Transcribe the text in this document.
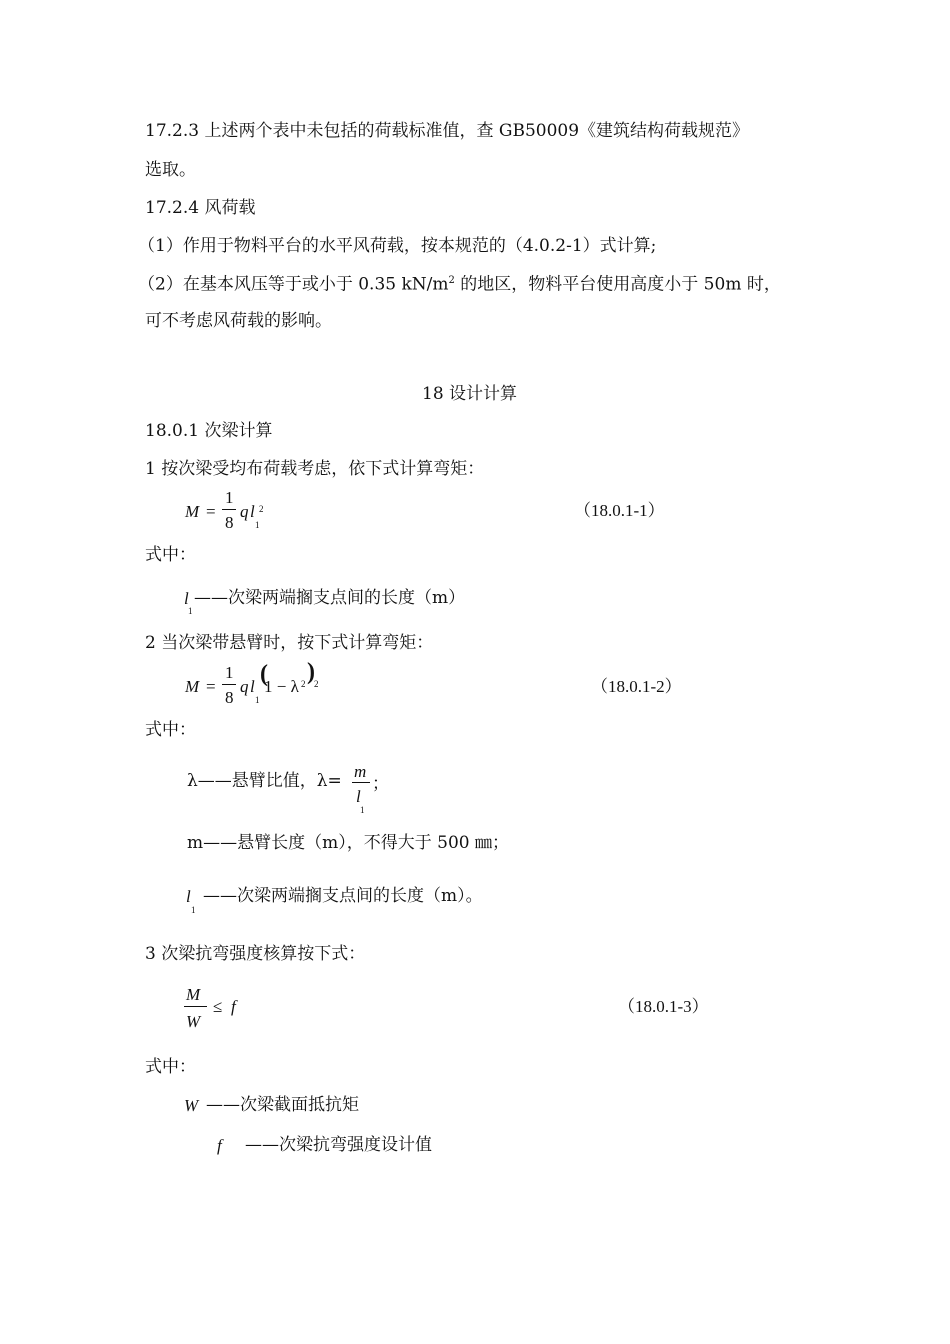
17.2.3 上述两个表中未包括的荷载标准值，查 GB50009《建筑结构荷载规范》
选取。
17.2.4 风荷载
（1）作用于物料平台的水平风荷载，按本规范的（4.0.2-1）式计算;
（2）在基本风压等于或小于 0.35 $kN/m^2$ 的地区，物料平台使用高度小于 50m 时，
可不考虑风荷载的影响。
18 设计计算
18.0.1 次梁计算
1 按次梁受均布荷载考虑，依下式计算弯矩：
M =
1
8
q l
1
2	（18.0.1-1）
式中：
l
1
——次梁两端搁支点间的长度（m）
2 当次梁带悬臂时，按下式计算弯矩：
M =
1
8
q l
1
(
1 − λ 2 ) 2	（18.0.1-2）
式中：
λ——悬臂比值，λ= m
l
1
；
m——悬臂长度（m），不得大于 500 ㎜；
l
1
——次梁两端搁支点间的长度（m）。
3 次梁抗弯强度核算按下式：
M
W
≤ f	（18.0.1-3）
式中：
W ——次梁截面抵抗矩
f ——次梁抗弯强度设计值
